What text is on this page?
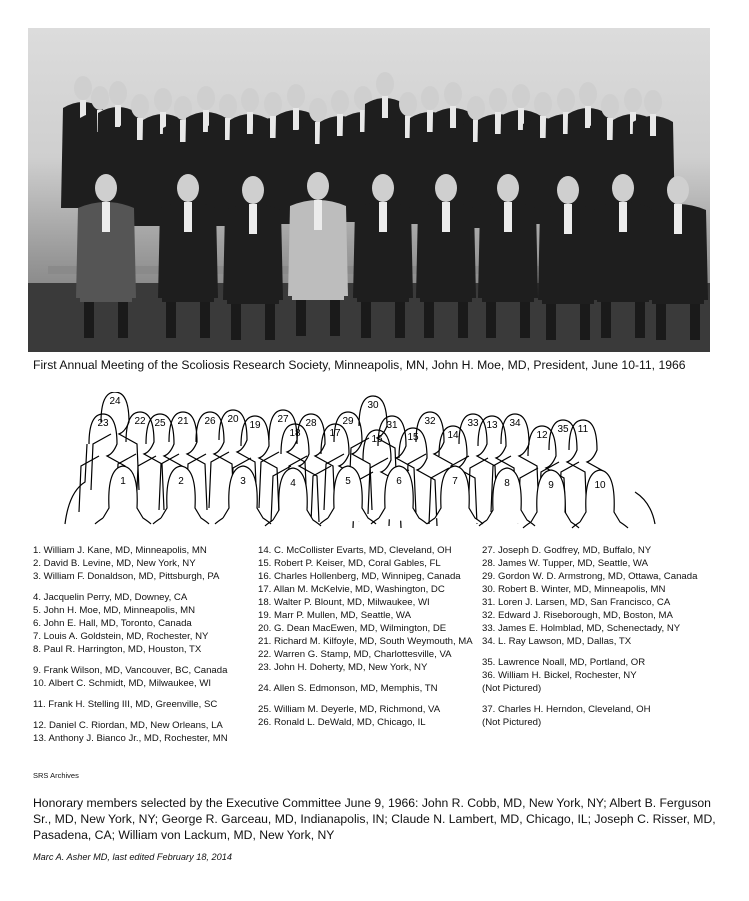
First Annual Meeting of the Scoliosis Research Society, Minneapolis, MN, John H. Moe, MD, President, June 10-11, 1966
1	2	3	4	5	6	7	8	9	10
11
12
13
14
15
16
17
18
19
20
21
22
23
24
25	26	27 28	29
30
31	32	33	34
35
1. William J. Kane, MD, Minneapolis, MN
2. David B. Levine, MD, New York, NY
3. William F. Donaldson, MD, Pittsburgh, PA
4. Jacquelin Perry, MD, Downey, CA
5. John H. Moe, MD, Minneapolis, MN
6. John E. Hall, MD, Toronto, Canada
7. Louis A. Goldstein, MD, Rochester, NY
8. Paul R. Harrington, MD, Houston, TX
9. Frank Wilson, MD, Vancouver, BC, Canada
10. Albert C. Schmidt, MD, Milwaukee, WI
11. Frank H. Stelling III, MD, Greenville, SC
12. Daniel C. Riordan, MD, New Orleans, LA
13. Anthony J. Bianco Jr., MD, Rochester, MN
14. C. McCollister Evarts, MD, Cleveland, OH
15. Robert P. Keiser, MD, Coral Gables, FL
16. Charles Hollenberg, MD, Winnipeg, Canada
17. Allan M. McKelvie, MD, Washington, DC
18. Walter P. Blount, MD, Milwaukee, WI
19. Marr P. Mullen, MD, Seattle, WA
20. G. Dean MacEwen, MD, Wilmington, DE
21. Richard M. Kilfoyle, MD, South Weymouth, MA
22. Warren G. Stamp, MD, Charlottesville, VA
23. John H. Doherty, MD, New York, NY
24. Allen S. Edmonson, MD, Memphis, TN
25. William M. Deyerle, MD, Richmond, VA
26. Ronald L. DeWald, MD, Chicago, IL
27. Joseph D. Godfrey, MD, Buffalo, NY
28. James W. Tupper, MD, Seattle, WA
29. Gordon W. D. Armstrong, MD, Ottawa, Canada
30. Robert B. Winter, MD, Minneapolis, MN
31. Loren J. Larsen, MD, San Francisco, CA
32. Edward J. Riseborough, MD, Boston, MA
33. James E. Holmblad, MD, Schenectady, NY
34. L. Ray Lawson, MD, Dallas, TX
35. Lawrence Noall, MD, Portland, OR
36. William H. Bickel, Rochester, NY (Not Pictured)
37. Charles H. Herndon, Cleveland, OH (Not Pictured)
SRS Archives
Honorary members selected by the Executive Committee June 9, 1966: John R. Cobb, MD, New York, NY; Albert B. Ferguson Sr., MD, New York, NY; George R. Garceau, MD, Indianapolis, IN; Claude N. Lambert, MD, Chicago, IL; Joseph C. Risser, MD, Pasadena, CA; William von Lackum, MD, New York, NY
Marc A. Asher MD, last edited February 18, 2014
